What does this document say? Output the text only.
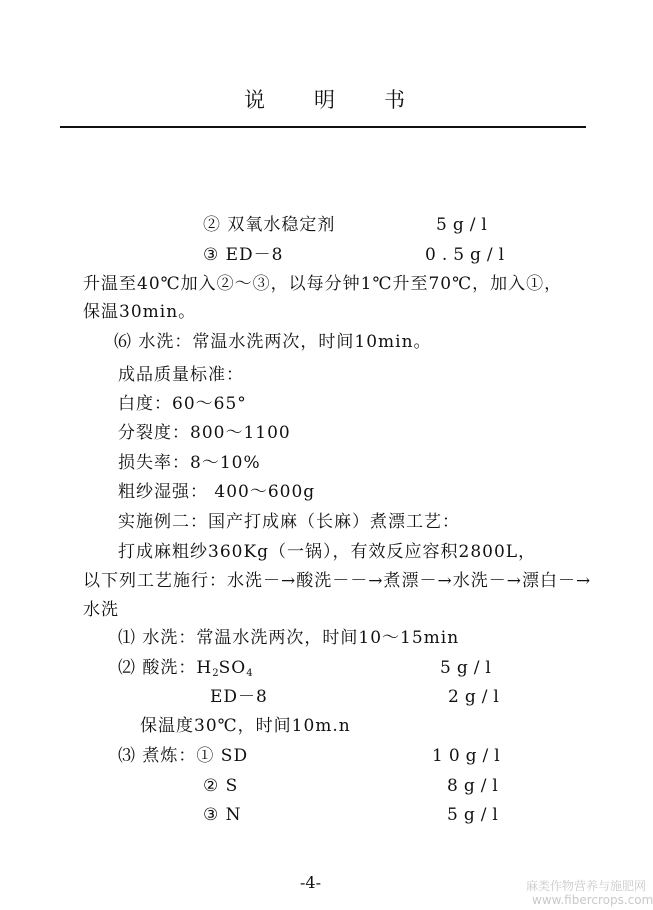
说明书
② 双氧水稳定剂	5g/l
③ ED－8	0.5g/l
升温至40℃加入②～③，以每分钟1℃升至70℃，加入①，
保温30min。
⑹ 水洗：常温水洗两次，时间10min。
成品质量标准：
白度：60～65°
分裂度：800～1100
损失率：8～10%
粗纱湿强： 400～600g
实施例二：国产打成麻（长麻）煮漂工艺：
打成麻粗纱360Kg（一锅），有效反应容积2800L，
以下列工艺施行：水洗－→酸洗－－→煮漂－→水洗－→漂白－→
水洗
⑴ 水洗：常温水洗两次，时间10～15min
⑵ 酸洗：$H_2SO_4$	5g/l
ED－8	2g/l
保温度30℃，时间10m.n
⑶ 煮炼：① SD	10g/l
② S	8g/l
③ N	5g/l
-4-	麻类作物营养与施肥网
www.fibercrops.com
